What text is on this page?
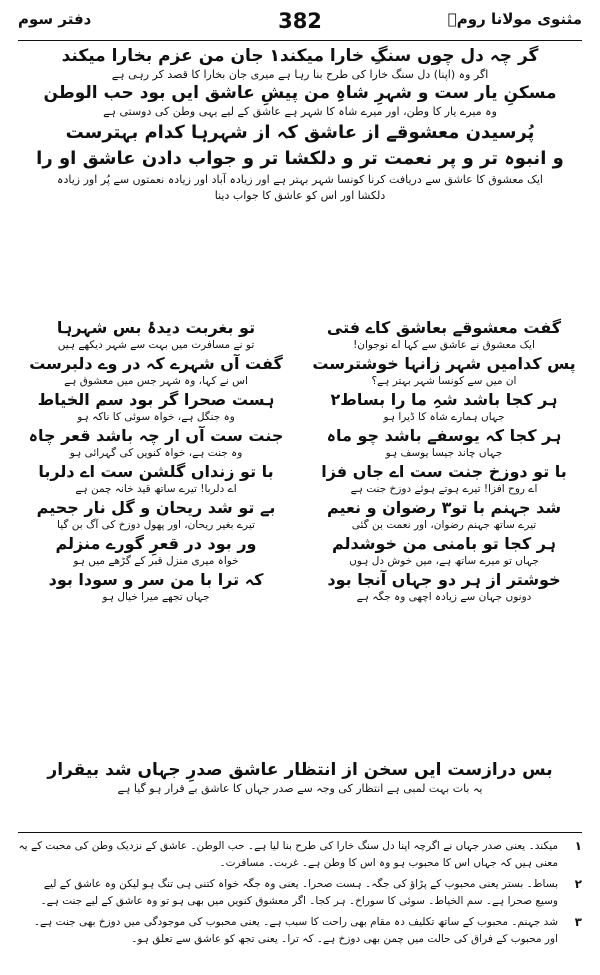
مثنوی مولانا رومؒ
382
دفتر سوم
گر چہ دل چوں سنگِ خارا میکند۱ جان من عزم بخارا میکند
اگر وہ (اپنا) دل سنگ خارا کی طرح بنا رہا ہے میری جان بخارا کا قصد کر رہی ہے
مسکنِ یار ست و شہرِ شاہِ من پیشِ عاشق ایں بود حب الوطن
وہ میرے یار کا وطن، اور میرے شاہ کا شہر ہے عاشق کے لیے یہی وطن کی دوستی ہے
پُرسیدن معشوقے از عاشق کہ از شہرہا کدام بہترست
و انبوہ تر و پر نعمت تر و دلکشا تر و جواب دادن عاشق او را
ایک معشوق کا عاشق سے دریافت کرنا کونسا شہر بہتر ہے اور زیادہ آباد اور زیادہ نعمتوں سے پُر اور زیادہ دلکشا اور اس کو عاشق کا جواب دینا
گفت معشوقے بعاشق کاے فتی
ایک معشوق نے عاشق سے کہا اے نوجوان!
پس کدامیں شہر زانہا خوشترست
ان میں سے کونسا شہر بہتر ہے؟
ہر کجا باشد شہِ ما را بساط۲
جہاں ہمارے شاہ کا ڈیرا ہو
ہر کجا کہ یوسفے باشد چو ماہ
جہاں چاند جیسا یوسف ہو
با تو دوزخ جنت ست اے جاں فزا
اے روح افزا! تیرے ہوتے ہوئے دوزخ جنت ہے
شد جہنم با تو۳ رضوان و نعیم
تیرے ساتھ جہنم رضوان، اور نعمت بن گئی
ہر کجا تو بامنی من خوشدلم
جہاں تو میرے ساتھ ہے، میں خوش دل ہوں
خوشتر از ہر دو جہاں آنجا بود
دونوں جہان سے زیادہ اچھی وہ جگہ ہے
تو بغربت دیدۂ بس شہرہا
تو نے مسافرت میں بہت سے شہر دیکھے ہیں
گفت آں شہرے کہ در وے دلبرست
اس نے کہا، وہ شہر جس میں معشوق ہے
ہست صحرا گر بود سم الخیاط
وہ جنگل ہے، خواہ سوئی کا ناکہ ہو
جنت ست آں ار چہ باشد قعر چاہ
وہ جنت ہے، خواہ کنویں کی گہرائی ہو
با تو زنداں گلشن ست اے دلربا
اے دلربا! تیرے ساتھ قید خانہ چمن ہے
بے تو شد ریحان و گل نار جحیم
تیرے بغیر ریحان، اور پھول دوزخ کی آگ بن گیا
ور بود در قعرِ گورے منزلم
خواہ میری منزل قبر کے گڑھے میں ہو
کہ ترا با من سر و سودا بود
جہاں تجھے میرا خیال ہو
بس درازست ایں سخن از انتظار عاشق صدرِ جہاں شد بیقرار
یہ بات بہت لمبی ہے انتظار کی وجہ سے صدر جہاں کا عاشق بے قرار ہو گیا ہے
۱
میکند۔ یعنی صدر جہاں نے اگرچہ اپنا دل سنگ خارا کی طرح بنا لیا ہے۔ حب الوطن۔ عاشق کے نزدیک وطن کی محبت کے یہ معنی ہیں کہ جہاں اس کا محبوب ہو وہ اس کا وطن ہے۔ غربت۔ مسافرت۔
۲
بساط۔ بستر یعنی محبوب کے پڑاؤ کی جگہ۔ ہست صحرا۔ یعنی وہ جگہ خواہ کتنی ہی تنگ ہو لیکن وہ عاشق کے لیے وسیع صحرا ہے۔ سم الخیاط۔ سوئی کا سوراخ۔ ہر کجا۔ اگر معشوق کنویں میں بھی ہو تو وہ عاشق کے لیے جنت ہے۔
۳
شد جہنم۔ محبوب کے ساتھ تکلیف دہ مقام بھی راحت کا سبب ہے۔ یعنی محبوب کی موجودگی میں دوزخ بھی جنت ہے۔ اور محبوب کے فراق کی حالت میں چمن بھی دوزخ ہے۔ کہ ترا۔ یعنی تجھ کو عاشق سے تعلق ہو۔
